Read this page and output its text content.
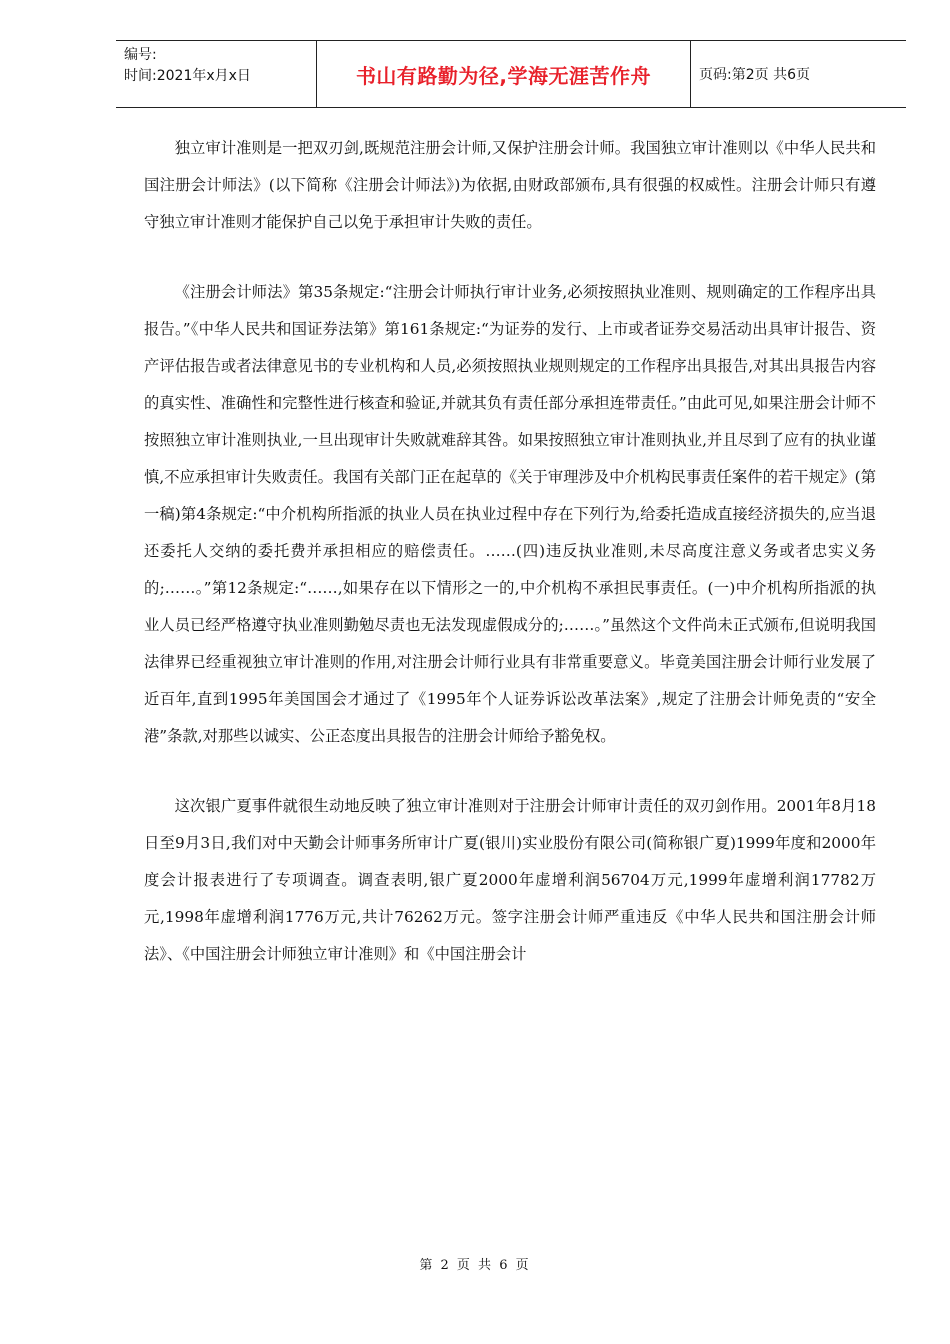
编号:
时间:2021年x月x日	书山有路勤为径,学海无涯苦作舟	页码:第2页 共6页

独立审计准则是一把双刃剑,既规范注册会计师,又保护注册会计师。我国独立审计准则以《中华人民共和国注册会计师法》(以下简称《注册会计师法》)为依据,由财政部颁布,具有很强的权威性。注册会计师只有遵守独立审计准则才能保护自己以免于承担审计失败的责任。

《注册会计师法》第35条规定:“注册会计师执行审计业务,必须按照执业准则、规则确定的工作程序出具报告。”《中华人民共和国证券法第》第161条规定:“为证券的发行、上市或者证券交易活动出具审计报告、资产评估报告或者法律意见书的专业机构和人员,必须按照执业规则规定的工作程序出具报告,对其出具报告内容的真实性、准确性和完整性进行核查和验证,并就其负有责任部分承担连带责任。”由此可见,如果注册会计师不按照独立审计准则执业,一旦出现审计失败就难辞其咎。如果按照独立审计准则执业,并且尽到了应有的执业谨慎,不应承担审计失败责任。我国有关部门正在起草的《关于审理涉及中介机构民事责任案件的若干规定》(第一稿)第4条规定:“中介机构所指派的执业人员在执业过程中存在下列行为,给委托造成直接经济损失的,应当退还委托人交纳的委托费并承担相应的赔偿责任。……(四)违反执业准则,未尽高度注意义务或者忠实义务的;……。”第12条规定:“……,如果存在以下情形之一的,中介机构不承担民事责任。(一)中介机构所指派的执业人员已经严格遵守执业准则勤勉尽责也无法发现虚假成分的;……。”虽然这个文件尚未正式颁布,但说明我国法律界已经重视独立审计准则的作用,对注册会计师行业具有非常重要意义。毕竟美国注册会计师行业发展了近百年,直到1995年美国国会才通过了《1995年个人证券诉讼改革法案》,规定了注册会计师免责的“安全港”条款,对那些以诚实、公正态度出具报告的注册会计师给予豁免权。

这次银广夏事件就很生动地反映了独立审计准则对于注册会计师审计责任的双刃剑作用。2001年8月18日至9月3日,我们对中天勤会计师事务所审计广夏(银川)实业股份有限公司(简称银广夏)1999年度和2000年度会计报表进行了专项调查。调查表明,银广夏2000年虚增利润56704万元,1999年虚增利润17782万元,1998年虚增利润1776万元,共计76262万元。签字注册会计师严重违反《中华人民共和国注册会计师法》、《中国注册会计师独立审计准则》和《中国注册会计

第 2 页 共 6 页
